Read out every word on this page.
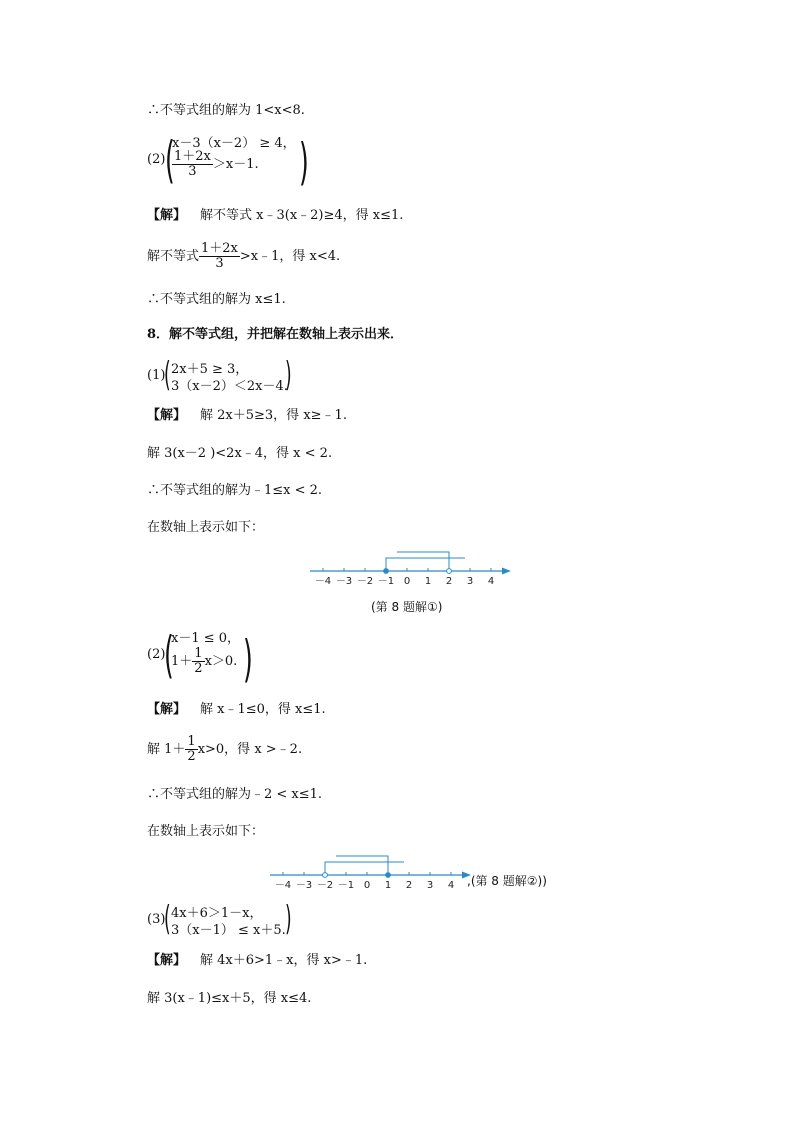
∴不等式组的解为 1<x<8.
(2) (
x－3（x－2） ≥ 4，
$\frac{1+2x}{3} >x-1$. )
【解】 解不等式 x﹣3(x﹣2)≥4，得 x≤1.
解不等式 $\frac{1+2x}{3}$ >x﹣1，得 x<4.
∴不等式组的解为 x≤1.
8．解不等式组，并把解在数轴上表示出来．
(1)
( 2x＋5 ≥ 3，
3（x－2）＜2x－4.
)
【解】 解 2x＋5≥3，得 x≥﹣1.
解 3(x－2 )<2x﹣4，得 x < 2.
∴不等式组的解为﹣1≤x < 2.
在数轴上表示如下：
－4 －3 －2 －1 0 1 2 3 4
(第 8 题解①)
(2)
(
x－1 ≤ 0，
$1+ \frac{1}{2} x>0$. )
【解】 解 x﹣1≤0，得 x≤1.
解 $1+ \frac{1}{2} x>0$，得 x >﹣2.
∴不等式组的解为﹣2 < x≤1.
在数轴上表示如下：
－4 －3 －2 －1 0 1 2 3 4 ,(第 8 题解②))
(3)
( 4x＋6＞1－x，
3（x－1） ≤ x＋5. )
【解】 解 4x＋6>1﹣x，得 x>﹣1.
解 3(x﹣1)≤x＋5，得 x≤4.
